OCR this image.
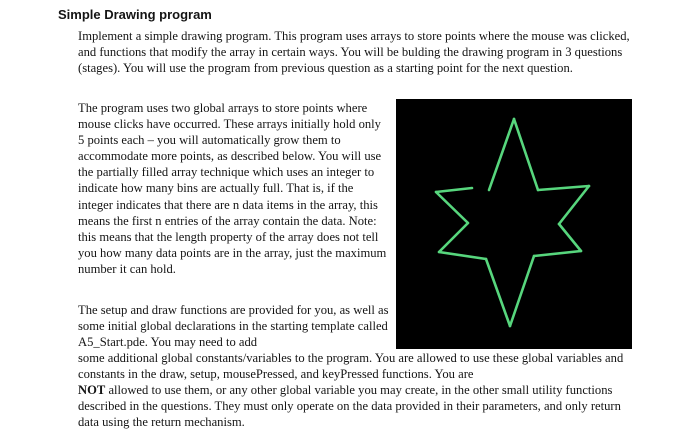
Simple Drawing program

Implement a simple drawing program. This program uses arrays to store points where the mouse was clicked, and functions that modify the array in certain ways. You will be bulding the drawing program in 3 questions (stages). You will use the program from previous question as a starting point for the next question.

The program uses two global arrays to store points where mouse clicks have occurred. These arrays initially hold only 5 points each – you will automatically grow them to accommodate more points, as described below. You will use the partially filled array technique which uses an integer to indicate how many bins are actually full. That is, if the integer indicates that there are n data items in the array, this means the first n entries of the array contain the data. Note: this means that the length property of the array does not tell you how many data points are in the array, just the maximum number it can hold.

The setup and draw functions are provided for you, as well as some initial global declarations in the starting template called A5_Start.pde. You may need to add

some additional global constants/variables to the program. You are allowed to use these global variables and constants in the draw, setup, mousePressed, and keyPressed functions. You are
NOT allowed to use them, or any other global variable you may create, in the other small utility functions described in the questions. They must only operate on the data provided in their parameters, and only return data using the return mechanism.
